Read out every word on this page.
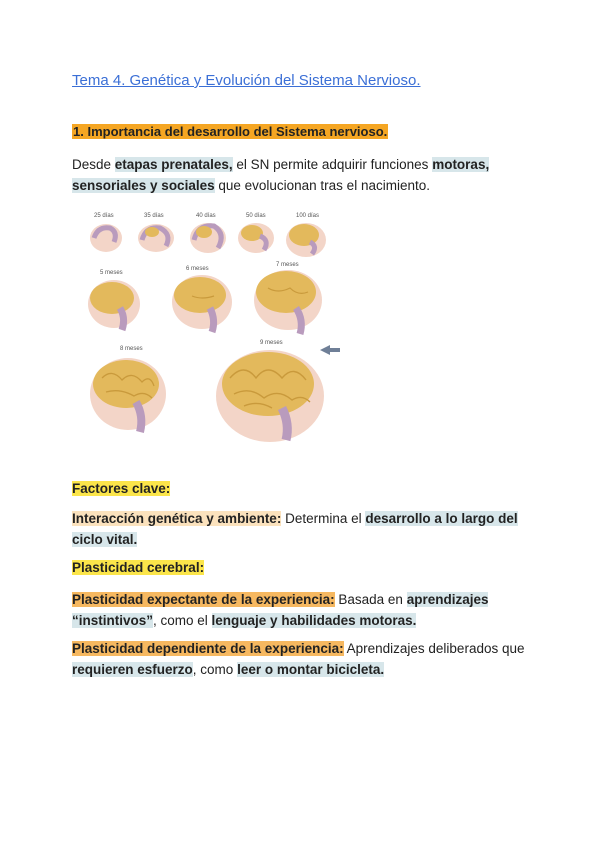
Tema 4. Genética y Evolución del Sistema Nervioso.
1. Importancia del desarrollo del Sistema nervioso.
Desde etapas prenatales, el SN permite adquirir funciones motoras, sensoriales y sociales que evolucionan tras el nacimiento.
25 días	35 días	40 días	50 días	100 días
5 meses
6 meses
7 meses
8 meses
9 meses
Factores clave:
Interacción genética y ambiente: Determina el desarrollo a lo largo del ciclo vital.
Plasticidad cerebral:
Plasticidad expectante de la experiencia: Basada en aprendizajes “instintivos”, como el lenguaje y habilidades motoras.
Plasticidad dependiente de la experiencia: Aprendizajes deliberados que requieren esfuerzo, como leer o montar bicicleta.
